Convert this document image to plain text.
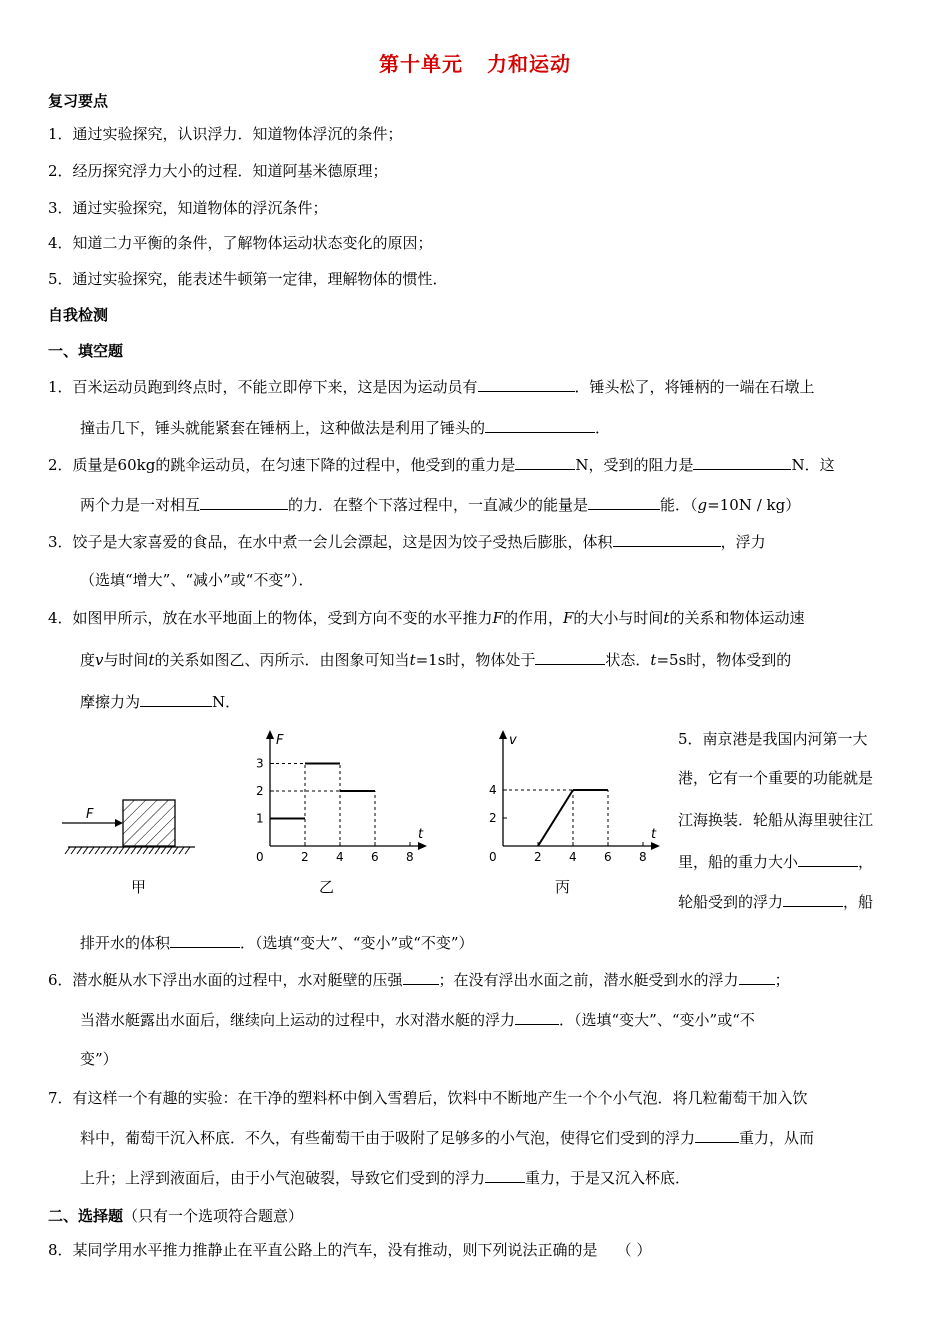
第十单元 力和运动
复习要点
1．通过实验探究，认识浮力．知道物体浮沉的条件；
2．经历探究浮力大小的过程．知道阿基米德原理；
3．通过实验探究，知道物体的浮沉条件；
4．知道二力平衡的条件，了解物体运动状态变化的原因；
5．通过实验探究，能表述牛顿第一定律，理解物体的惯性．
自我检测
一、填空题
1．百米运动员跑到终点时，不能立即停下来，这是因为运动员有	．锤头松了，将锤柄的一端在石墩上
撞击几下，锤头就能紧套在锤柄上，这种做法是利用了锤头的	．
2．质量是60kg的跳伞运动员，在匀速下降的过程中，他受到的重力是	N，受到的阻力是	N．这
两个力是一对相互	的力．在整个下落过程中，一直减少的能量是	能．（g=10N / kg）
3．饺子是大家喜爱的食品，在水中煮一会儿会漂起，这是因为饺子受热后膨胀，体积	，浮力
（选填“增大”、“减小”或“不变”）．
4．如图甲所示，放在水平地面上的物体，受到方向不变的水平推力F的作用，F的大小与时间t的关系和物体运动速
度v与时间t的关系如图乙、丙所示．由图象可知当t=1s时，物体处于	状态．t=5s时，物体受到的
摩擦力为	N．
F
甲
F
t
0	2 4 6 8
1
2
3
乙
v
t
0	2 4 6 8
2
4
丙
5．南京港是我国内河第一大
港，它有一个重要的功能就是
江海换装．轮船从海里驶往江
里，船的重力大小	，
轮船受到的浮力	，船
排开水的体积	．（选填“变大”、“变小”或“不变”）
6．潜水艇从水下浮出水面的过程中，水对艇壁的压强 ；在没有浮出水面之前，潜水艇受到水的浮力 ；
当潜水艇露出水面后，继续向上运动的过程中，水对潜水艇的浮力	．（选填“变大”、“变小”或“不
变”）
7．有这样一个有趣的实验：在干净的塑料杯中倒入雪碧后，饮料中不断地产生一个个小气泡．将几粒葡萄干加入饮
料中，葡萄干沉入杯底．不久，有些葡萄干由于吸附了足够多的小气泡，使得它们受到的浮力	重力，从而
上升；上浮到液面后，由于小气泡破裂，导致它们受到的浮力	重力，于是又沉入杯底．
二、选择题（只有一个选项符合题意）
8．某同学用水平推力推静止在平直公路上的汽车，没有推动，则下列说法正确的是 （ ）
